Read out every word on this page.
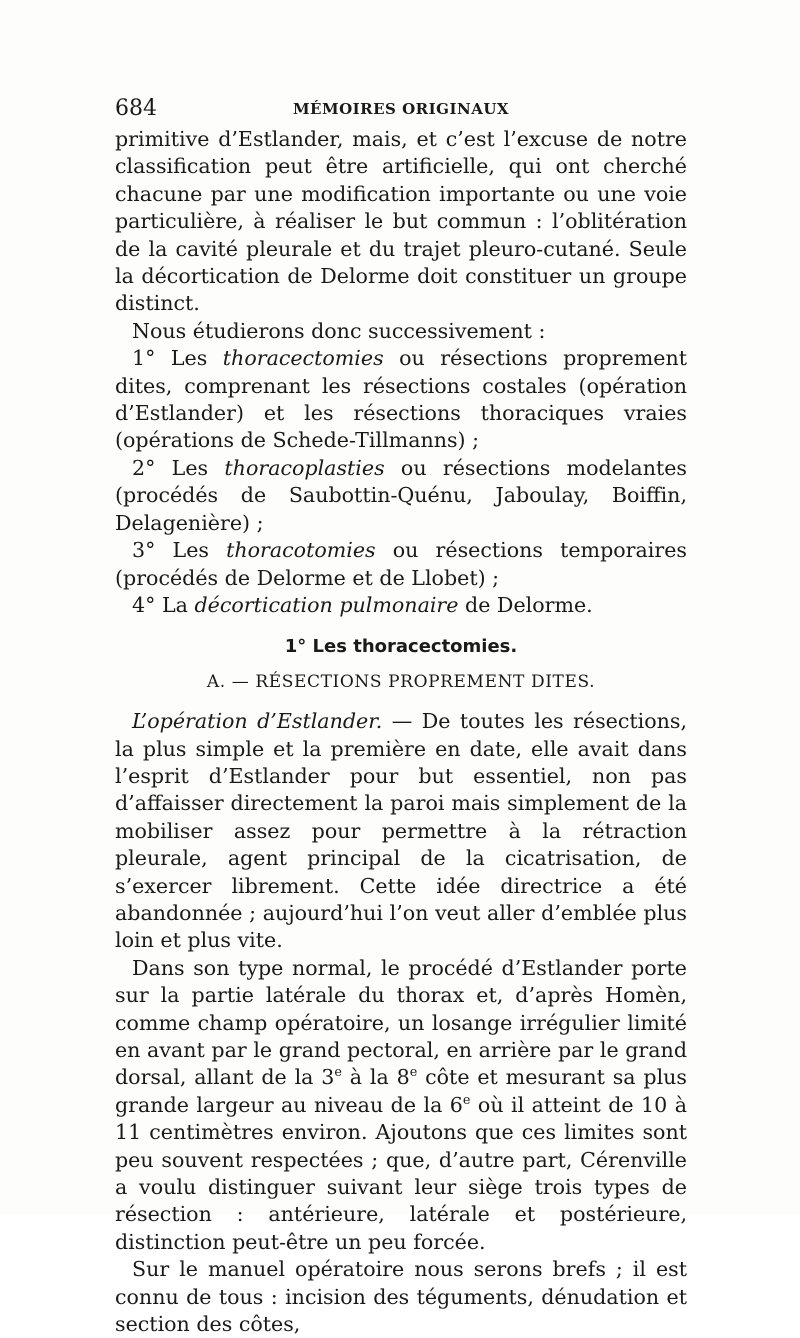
684	MÉMOIRES ORIGINAUX

primitive d’Estlander, mais, et c’est l’excuse de notre classification peut être artificielle, qui ont cherché chacune par une modification importante ou une voie particulière, à réaliser le but commun : l’oblitération de la cavité pleurale et du trajet pleuro-cutané. Seule la décortication de Delorme doit constituer un groupe distinct.

Nous étudierons donc successivement :

1° Les thoracectomies ou résections proprement dites, comprenant les résections costales (opération d’Estlander) et les résections thoraciques vraies (opérations de Schede-Tillmanns) ;

2° Les thoracoplasties ou résections modelantes (procédés de Saubottin-Quénu, Jaboulay, Boiffin, Delagenière) ;

3° Les thoracotomies ou résections temporaires (procédés de Delorme et de Llobet) ;

4° La décortication pulmonaire de Delorme.

1° Les thoracectomies.
A. — RÉSECTIONS PROPREMENT DITES.

L’opération d’Estlander. — De toutes les résections, la plus simple et la première en date, elle avait dans l’esprit d’Estlander pour but essentiel, non pas d’affaisser directement la paroi mais simplement de la mobiliser assez pour permettre à la rétraction pleurale, agent principal de la cicatrisation, de s’exercer librement. Cette idée directrice a été abandonnée ; aujourd’hui l’on veut aller d’emblée plus loin et plus vite.

Dans son type normal, le procédé d’Estlander porte sur la partie latérale du thorax et, d’après Homèn, comme champ opératoire, un losange irrégulier limité en avant par le grand pectoral, en arrière par le grand dorsal, allant de la 3e à la 8e côte et mesurant sa plus grande largeur au niveau de la 6e où il atteint de 10 à 11 centimètres environ. Ajoutons que ces limites sont peu souvent respectées ; que, d’autre part, Cérenville a voulu distinguer suivant leur siège trois types de résection : antérieure, latérale et postérieure, distinction peut-être un peu forcée.

Sur le manuel opératoire nous serons brefs ; il est connu de tous : incision des téguments, dénudation et section des côtes,
